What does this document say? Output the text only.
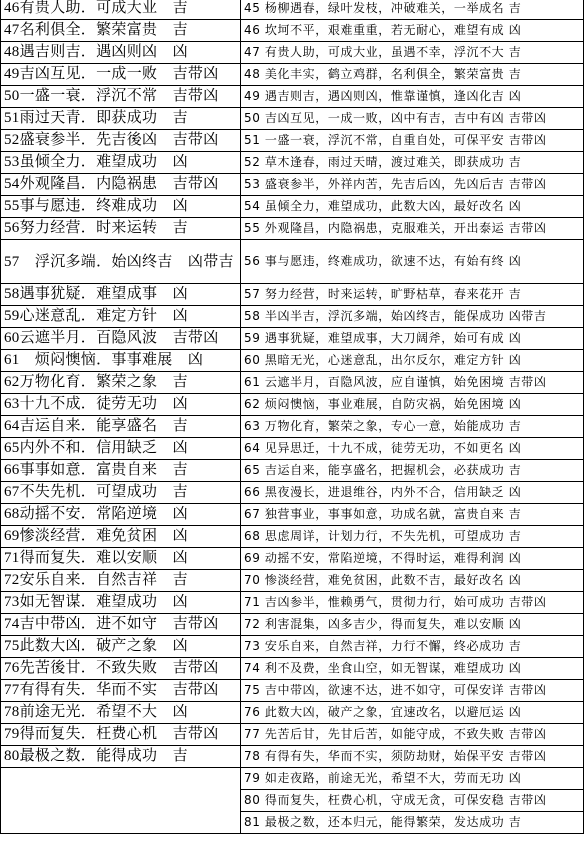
46有贵人助．可成大业　吉	45 杨柳遇春，绿叶发枝，冲破难关，一举成名 吉
47名利俱全．繁荣富贵　吉	46 坎坷不平，艰难重重，若无耐心，难望有成 凶
48遇吉则吉．遇凶则凶　凶	47 有贵人助，可成大业，虽遇不幸，浮沉不大 吉
49吉凶互见．一成一败　吉带凶	48 美化丰实，鹤立鸡群，名利俱全，繁荣富贵 吉
50一盛一衰．浮沉不常　吉带凶	49 遇吉则吉，遇凶则凶，惟靠谨慎，逢凶化吉 凶
51雨过天青．即获成功　吉	50 吉凶互见，一成一败，凶中有吉，吉中有凶 吉带凶
52盛衰参半．先吉後凶　吉带凶	51 一盛一衰，浮沉不常，自重自处，可保平安 吉带凶
53虽倾全力．难望成功　凶	52 草木逢春，雨过天晴，渡过难关，即获成功 吉
54外观隆昌．内隐祸患　吉带凶	53 盛衰参半，外祥内苦，先吉后凶，先凶后吉 吉带凶
55事与愿违．终难成功　凶	54 虽倾全力，难望成功，此数大凶，最好改名 凶
56努力经营．时来运转　吉	55 外观隆昌，内隐祸患，克服难关，开出泰运 吉带凶
57　浮沉多端．始凶终吉　凶带吉	56 事与愿违，终难成功，欲速不达，有始有终 凶
58遇事犹疑．难望成事　凶	57 努力经营，时来运转，旷野枯草，春来花开 吉
59心迷意乱．难定方针　凶	58 半凶半吉，浮沉多端，始凶终吉，能保成功 凶带吉
60云遮半月．百隐风波　吉带凶	59 遇事犹疑，难望成事，大刀阔斧，始可有成 凶
61　烦闷懊恼．事事难展　凶	60 黑暗无光，心迷意乱，出尔反尔，难定方针 凶
62万物化育．繁荣之象　吉	61 云遮半月，百隐风波，应自谨慎，始免困境 吉带凶
63十九不成．徒劳无功　凶	62 烦闷懊恼，事业难展，自防灾祸，始免困境 凶
64吉运自来．能享盛名　吉	63 万物化育，繁荣之象，专心一意，始能成功 吉
65内外不和．信用缺乏　凶	64 见异思迁，十九不成，徒劳无功，不如更名 凶
66事事如意．富贵自来　吉	65 吉运自来，能享盛名，把握机会，必获成功 吉
67不失先机．可望成功　吉	66 黑夜漫长，进退维谷，内外不合，信用缺乏 凶
68动摇不安．常陷逆境　凶	67 独营事业，事事如意，功成名就，富贵自来 吉
69惨淡经营．难免贫困　凶	68 思虑周详，计划力行，不失先机，可望成功 吉
71得而复失．难以安顺　凶	69 动摇不安，常陷逆境，不得时运，难得利润 凶
72安乐自来．自然吉祥　吉	70 惨淡经营，难免贫困，此数不吉，最好改名 凶
73如无智谋．难望成功　凶	71 吉凶参半，惟赖勇气，贯彻力行，始可成功 吉带凶
74吉中带凶．进不如守　吉带凶	72 利害混集，凶多吉少，得而复失，难以安顺 凶
75此数大凶．破产之象　凶	73 安乐自来，自然吉祥，力行不懈，终必成功 吉
76先苦後甘．不致失败　吉带凶	74 利不及费，坐食山空，如无智谋，难望成功 凶
77有得有失．华而不实　吉带凶	75 吉中带凶，欲速不达，进不如守，可保安详 吉带凶
78前途无光．希望不大　凶	76 此数大凶，破产之象，宜速改名，以避厄运 凶
79得而复失．枉费心机　吉带凶	77 先苦后甘，先甘后苦，如能守成，不致失败 吉带凶
80最极之数．能得成功　吉	78 有得有失，华而不实，须防劫财，始保平安 吉带凶
	79 如走夜路，前途无光，希望不大，劳而无功 凶
	80 得而复失，枉费心机，守成无贪，可保安稳 吉带凶
	81 最极之数，还本归元，能得繁荣，发达成功 吉
